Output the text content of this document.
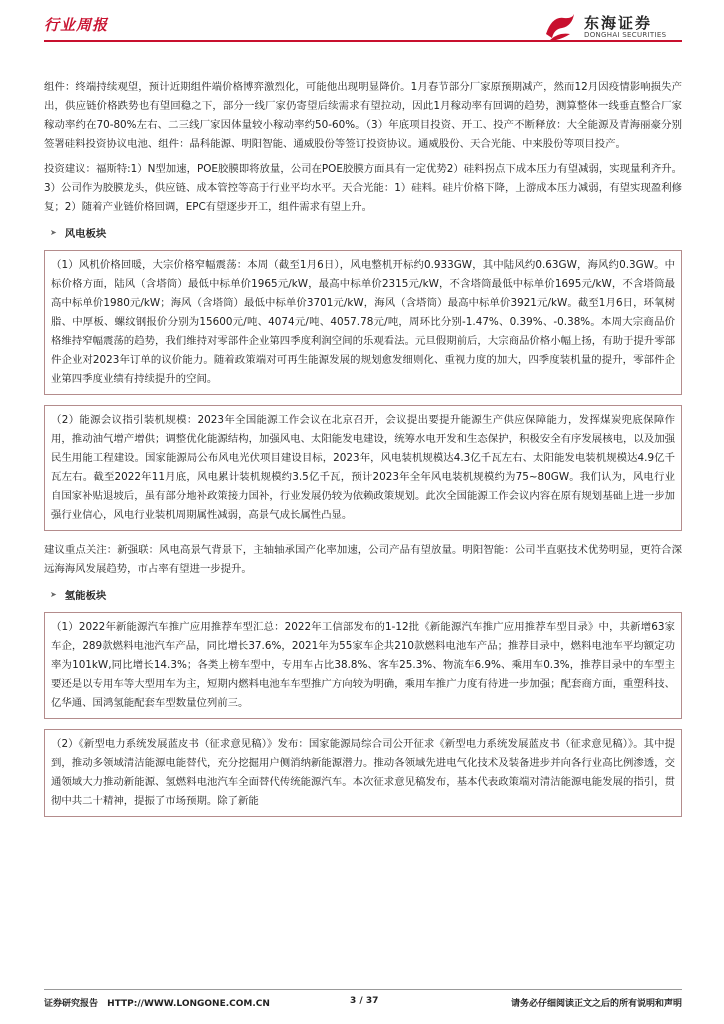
行业周报	东海证券
DONGHAI SECURITIES

组件：终端持续观望，预计近期组件端价格博弈激烈化，可能他出现明显降价。1月春节部分厂家原预期减产，然而12月因疫情影响损失产出，供应链价格跌势也有望回稳之下，部分一线厂家仍寄望后续需求有望拉动，因此1月稼动率有回调的趋势，测算整体一线垂直整合厂家稼动率约在70-80%左右、二三线厂家因体量较小稼动率约50-60%。（3）年底项目投资、开工、投产不断释放：大全能源及青海丽豪分别签署硅料投资协议电池、组件：晶科能源、明阳智能、通威股份等签订投资协议。通威股份、天合光能、中来股份等项目投产。

投资建议：福斯特:1）N型加速，POE胶膜即将放量，公司在POE胶膜方面具有一定优势2）硅料拐点下成本压力有望减弱，实现量利齐升。3）公司作为胶膜龙头，供应链、成本管控等高于行业平均水平。天合光能：1）硅料。硅片价格下降，上游成本压力减弱，有望实现盈利修复；2）随着产业链价格回调，EPC有望逐步开工，组件需求有望上升。

➤ 风电板块

（1）风机价格回暖，大宗价格窄幅震荡：本周（截至1月6日），风电整机开标约0.933GW，其中陆风约0.63GW，海风约0.3GW。中标价格方面，陆风（含塔筒）最低中标单价1965元/kW，最高中标单价2315元/kW，不含塔筒最低中标单价1695元/kW，不含塔筒最高中标单价1980元/kW；海风（含塔筒）最低中标单价3701元/kW，海风（含塔筒）最高中标单价3921元/kW。截至1月6日，环氧树脂、中厚板、螺纹钢报价分别为15600元/吨、4074元/吨、4057.78元/吨，周环比分别-1.47%、0.39%、-0.38%。本周大宗商品价格维持窄幅震荡的趋势，我们维持对零部件企业第四季度利润空间的乐观看法。元旦假期前后，大宗商品价格小幅上扬，有助于提升零部件企业对2023年订单的议价能力。随着政策端对可再生能源发展的规划愈发细则化、重视力度的加大，四季度装机量的提升，零部件企业第四季度业绩有持续提升的空间。

（2）能源会议指引装机规模：2023年全国能源工作会议在北京召开，会议提出要提升能源生产供应保障能力，发挥煤炭兜底保障作用，推动油气增产增供；调整优化能源结构，加强风电、太阳能发电建设，统筹水电开发和生态保护，积极安全有序发展核电，以及加强民生用能工程建设。国家能源局公布风电光伏项目建设目标，2023年，风电装机规模达4.3亿千瓦左右、太阳能发电装机规模达4.9亿千瓦左右。截至2022年11月底，风电累计装机规模约3.5亿千瓦，预计2023年全年风电装机规模约为75~80GW。我们认为，风电行业自国家补贴退坡后，虽有部分地补政策接力国补，行业发展仍较为依赖政策规划。此次全国能源工作会议内容在原有规划基础上进一步加强行业信心，风电行业装机周期属性减弱，高景气成长属性凸显。

建议重点关注：新强联：风电高景气背景下，主轴轴承国产化率加速，公司产品有望放量。明阳智能：公司半直驱技术优势明显，更符合深远海海风发展趋势，市占率有望进一步提升。

➤ 氢能板块

（1）2022年新能源汽车推广应用推荐车型汇总：2022年工信部发布的1-12批《新能源汽车推广应用推荐车型目录》中，共新增63家车企，289款燃料电池汽车产品，同比增长37.6%，2021年为55家车企共210款燃料电池车产品；推荐目录中，燃料电池车平均额定功率为101kW,同比增长14.3%；各类上榜车型中，专用车占比38.8%、客车25.3%、物流车6.9%、乘用车0.3%，推荐目录中的车型主要还是以专用车等大型用车为主，短期内燃料电池车车型推广方向较为明确，乘用车推广力度有待进一步加强；配套商方面，重塑科技、亿华通、国鸿氢能配套车型数量位列前三。

（2）《新型电力系统发展蓝皮书（征求意见稿）》发布：国家能源局综合司公开征求《新型电力系统发展蓝皮书（征求意见稿）》。其中提到，推动多领域清洁能源电能替代，充分挖掘用户侧消纳新能源潜力。推动各领域先进电气化技术及装备进步并向各行业高比例渗透，交通领域大力推动新能源、氢燃料电池汽车全面替代传统能源汽车。本次征求意见稿发布，基本代表政策端对清洁能源电能发展的指引，贯彻中共二十精神，提振了市场预期。除了新能

证券研究报告 HTTP://WWW.LONGONE.COM.CN	3 / 37	请务必仔细阅读正文之后的所有说明和声明
